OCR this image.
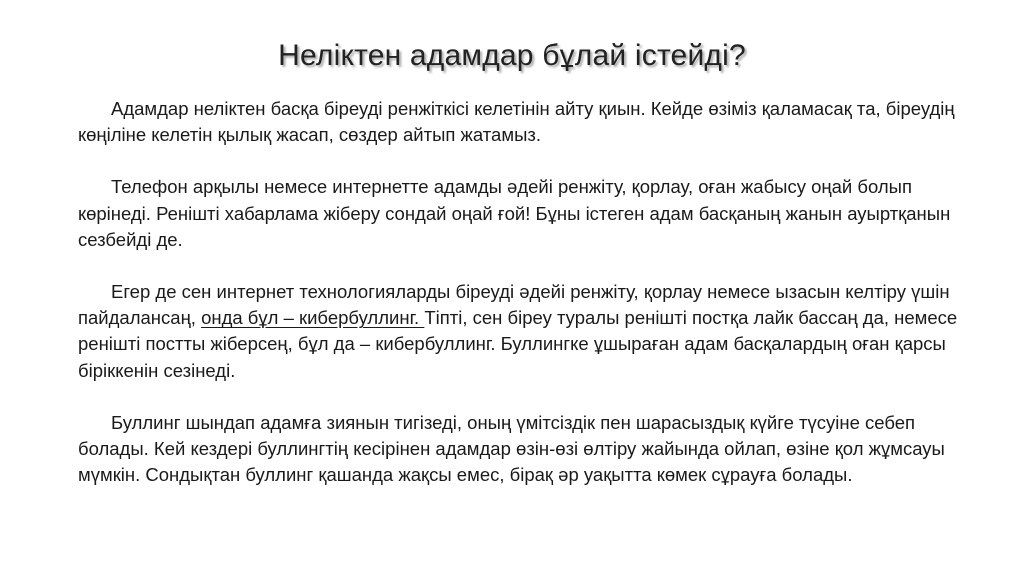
Неліктен адамдар бұлай істейді?

Адамдар неліктен басқа біреуді ренжіткісі келетінін айту қиын. Кейде өзіміз қаламасақ та, біреудің көңіліне келетін қылық жасап, сөздер айтып жатамыз.

Телефон арқылы немесе интернетте адамды әдейі ренжіту, қорлау, оған жабысу оңай болып көрінеді. Ренішті хабарлама жіберу сондай оңай ғой! Бұны істеген адам басқаның жанын ауыртқанын сезбейді де.

Егер де сен интернет технологияларды біреуді әдейі ренжіту, қорлау немесе ызасын келтіру үшін пайдалансаң, онда бұл – кибербуллинг. Тіпті, сен біреу туралы ренішті постқа лайк бассаң да, немесе ренішті постты жіберсең, бұл да – кибербуллинг. Буллингке ұшыраған адам басқалардың оған қарсы біріккенін сезінеді.

Буллинг шындап адамға зиянын тигізеді, оның үмітсіздік пен шарасыздық күйге түсуіне себеп болады. Кей кездері буллингтің кесірінен адамдар өзін-өзі өлтіру жайында ойлап, өзіне қол жұмсауы мүмкін. Сондықтан буллинг қашанда жақсы емес, бірақ әр уақытта көмек сұрауға болады.
